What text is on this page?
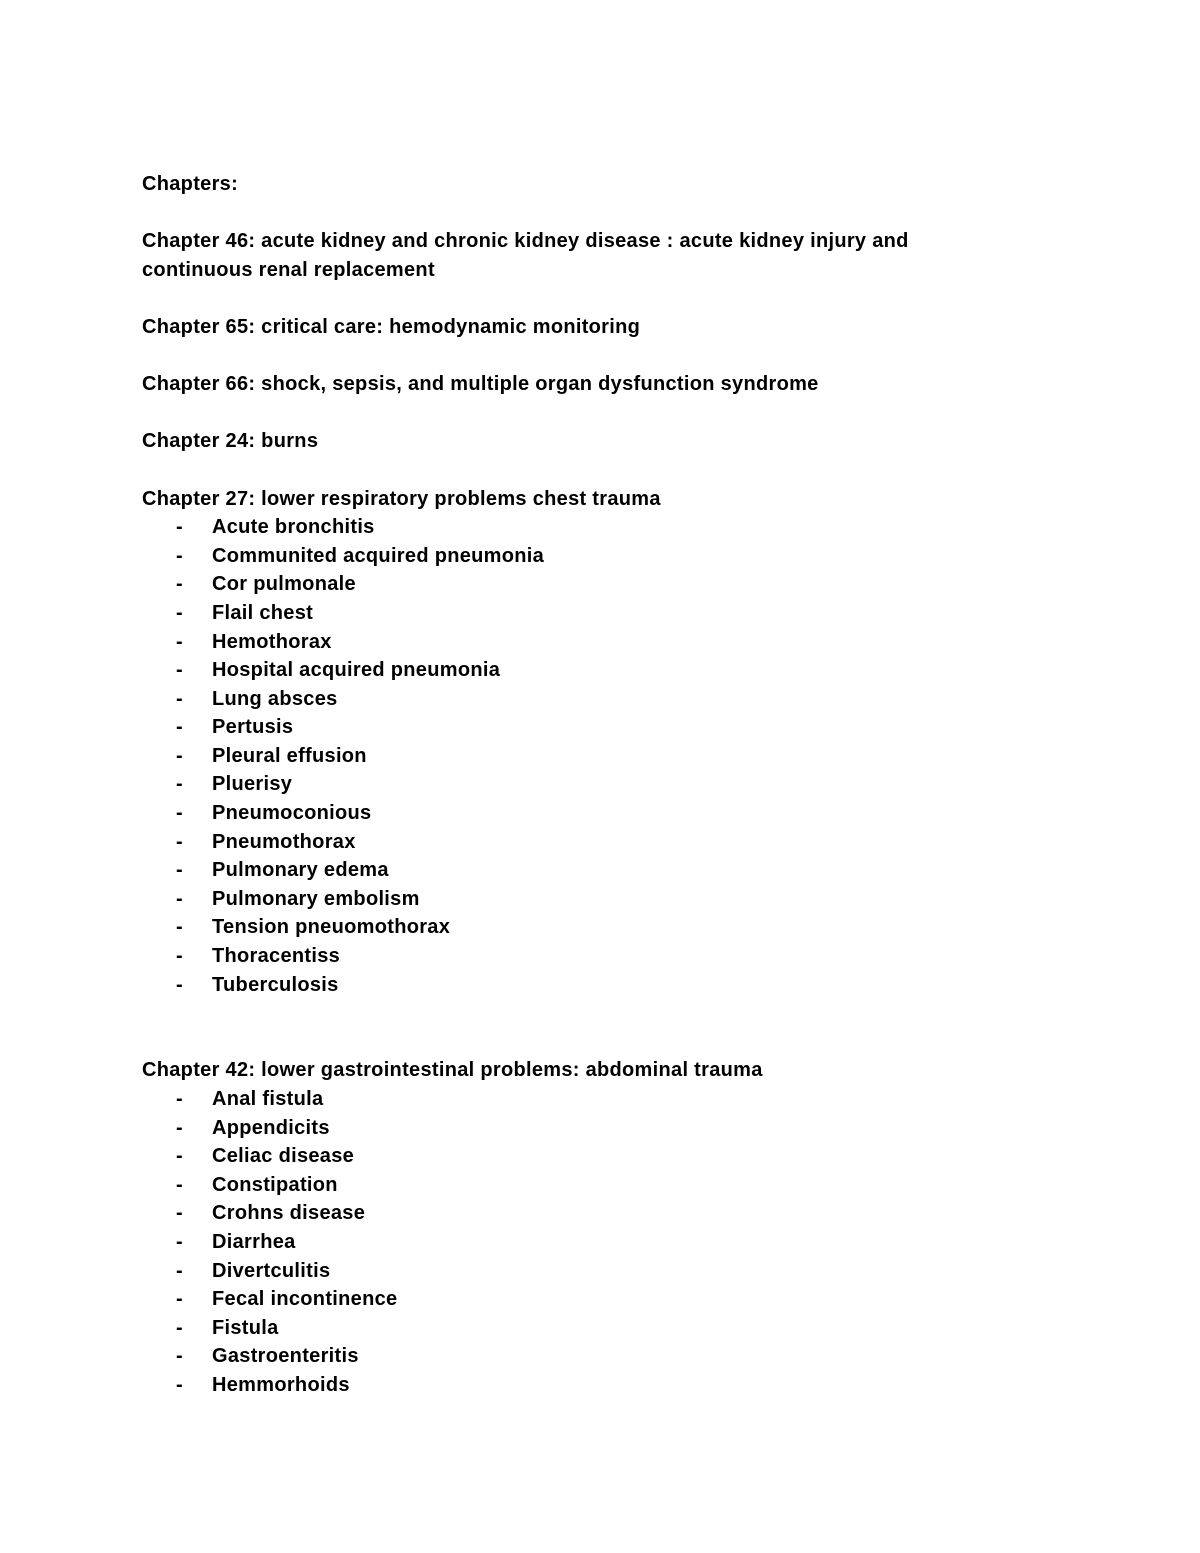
Chapters:
Chapter 46: acute kidney and chronic kidney disease : acute kidney injury and continuous renal replacement
Chapter 65: critical care: hemodynamic monitoring
Chapter 66: shock, sepsis, and multiple organ dysfunction syndrome
Chapter 24: burns
Chapter 27: lower respiratory problems chest trauma
-	Acute bronchitis
-	Communited acquired pneumonia
-	Cor pulmonale
-	Flail chest
-	Hemothorax
-	Hospital acquired pneumonia
-	Lung absces
-	Pertusis
-	Pleural effusion
-	Pluerisy
-	Pneumoconious
-	Pneumothorax
-	Pulmonary edema
-	Pulmonary embolism
-	Tension pneuomothorax
-	Thoracentiss
-	Tuberculosis
Chapter 42: lower gastrointestinal problems: abdominal trauma
-	Anal fistula
-	Appendicits
-	Celiac disease
-	Constipation
-	Crohns disease
-	Diarrhea
-	Divertculitis
-	Fecal incontinence
-	Fistula
-	Gastroenteritis
-	Hemmorhoids
